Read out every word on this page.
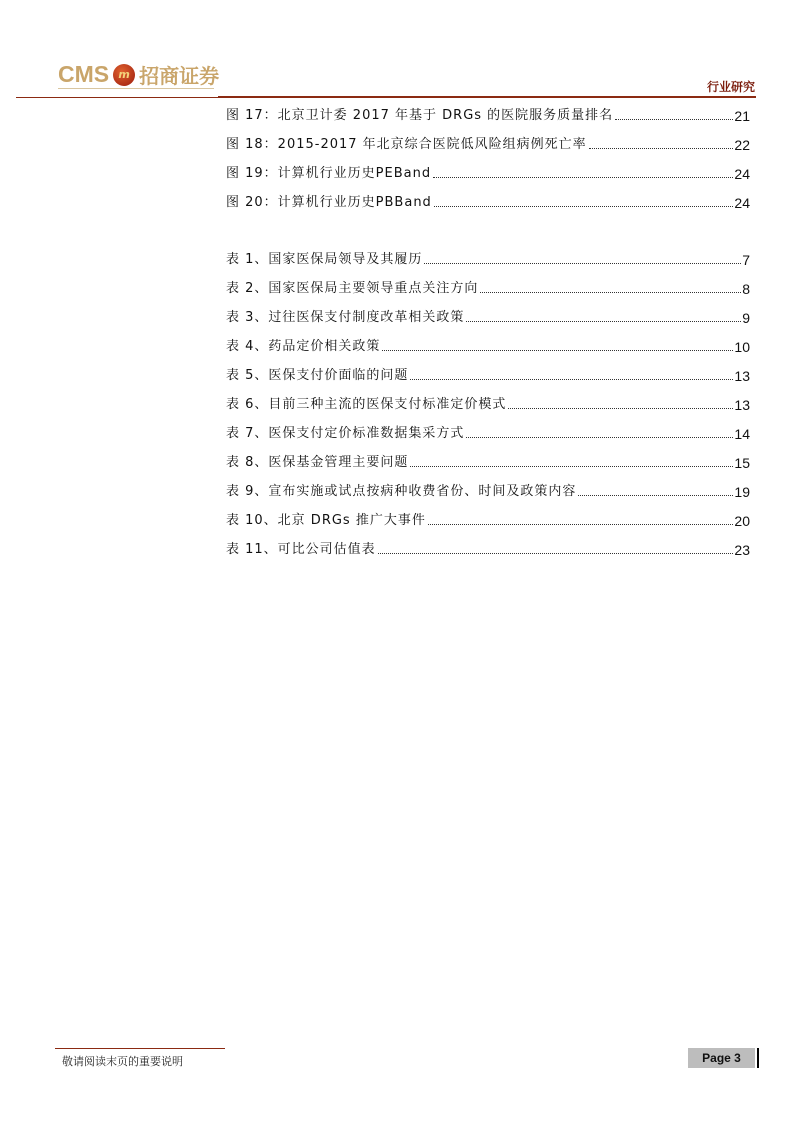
CMS m 招商证券	行业研究
敬请阅读末页的重要说明	Page 3
图 17：北京卫计委 2017 年基于 DRGs 的医院服务质量排名	21
图 18：2015-2017 年北京综合医院低风险组病例死亡率	22
图 19：计算机行业历史PEBand	24
图 20：计算机行业历史PBBand	24
表 1、国家医保局领导及其履历	7
表 2、国家医保局主要领导重点关注方向	8
表 3、过往医保支付制度改革相关政策	9
表 4、药品定价相关政策	10
表 5、医保支付价面临的问题	13
表 6、目前三种主流的医保支付标准定价模式	13
表 7、医保支付定价标准数据集采方式	14
表 8、医保基金管理主要问题	15
表 9、宣布实施或试点按病种收费省份、时间及政策内容	19
表 10、北京 DRGs 推广大事件	20
表 11、可比公司估值表	23
